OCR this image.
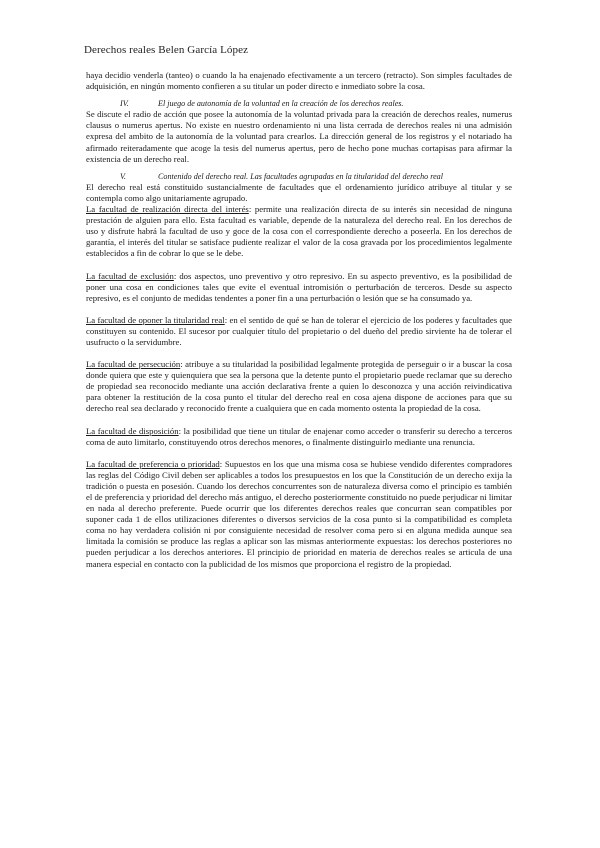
Derechos reales Belen García López

haya decidio venderla (tanteo) o cuando la ha enajenado efectivamente a un tercero (retracto). Son simples facultades de adquisición, en ningún momento confieren a su titular un poder directo e inmediato sobre la cosa.

IV.	El juego de autonomía de la voluntad en la creación de los derechos reales.

Se discute el radio de acción que posee la autonomía de la voluntad privada para la creación de derechos reales, numerus clausus o numerus apertus. No existe en nuestro ordenamiento ni una lista cerrada de derechos reales ni una admisión expresa del ambito de la autonomía de la voluntad para crearlos. La dirección general de los registros y el notariado ha afirmado reiteradamente que acoge la tesis del numerus apertus, pero de hecho pone muchas cortapisas para afirmar la existencia de un derecho real.

V.	Contenido del derecho real. Las facultades agrupadas en la titularidad del derecho real

El derecho real está constituido sustancialmente de facultades que el ordenamiento jurídico atribuye al titular y se contempla como algo unitariamente agrupado.

La facultad de realización directa del interés: permite una realización directa de su interés sin necesidad de ninguna prestación de alguien para ello. Esta facultad es variable, depende de la naturaleza del derecho real. En los derechos de uso y disfrute habrá la facultad de uso y goce de la cosa con el correspondiente derecho a poseerla. En los derechos de garantía, el interés del titular se satisface pudiente realizar el valor de la cosa gravada por los procedimientos legalmente establecidos a fin de cobrar lo que se le debe.

La facultad de exclusión: dos aspectos, uno preventivo y otro represivo. En su aspecto preventivo, es la posibilidad de poner una cosa en condiciones tales que evite el eventual intromisión o perturbación de terceros. Desde su aspecto represivo, es el conjunto de medidas tendentes a poner fin a una perturbación o lesión que se ha consumado ya.

La facultad de oponer la titularidad real: en el sentido de qué se han de tolerar el ejercicio de los poderes y facultades que constituyen su contenido. El sucesor por cualquier título del propietario o del dueño del predio sirviente ha de tolerar el usufructo o la servidumbre.

La facultad de persecución: atribuye a su titularidad la posibilidad legalmente protegida de perseguir o ir a buscar la cosa donde quiera que este y quienquiera que sea la persona que la detente punto el propietario puede reclamar que su derecho de propiedad sea reconocido mediante una acción declarativa frente a quien lo desconozca y una acción reivindicativa para obtener la restitución de la cosa punto el titular del derecho real en cosa ajena dispone de acciones para que su derecho real sea declarado y reconocido frente a cualquiera que en cada momento ostenta la propiedad de la cosa.

La facultad de disposición: la posibilidad que tiene un titular de enajenar como acceder o transferir su derecho a terceros coma de auto limitarlo, constituyendo otros derechos menores, o finalmente distinguirlo mediante una renuncia.

La facultad de preferencia o prioridad: Supuestos en los que una misma cosa se hubiese vendido diferentes compradores las reglas del Código Civil deben ser aplicables a todos los presupuestos en los que la Constitución de un derecho exija la tradición o puesta en posesión. Cuando los derechos concurrentes son de naturaleza diversa como el principio es también el de preferencia y prioridad del derecho más antiguo, el derecho posteriormente constituido no puede perjudicar ni limitar en nada al derecho preferente. Puede ocurrir que los diferentes derechos reales que concurran sean compatibles por suponer cada 1 de ellos utilizaciones diferentes o diversos servicios de la cosa punto si la compatibilidad es completa coma no hay verdadera colisión ni por consiguiente necesidad de resolver coma pero si en alguna medida aunque sea limitada la comisión se produce las reglas a aplicar son las mismas anteriormente expuestas: los derechos posteriores no pueden perjudicar a los derechos anteriores. El principio de prioridad en materia de derechos reales se articula de una manera especial en contacto con la publicidad de los mismos que proporciona el registro de la propiedad.
